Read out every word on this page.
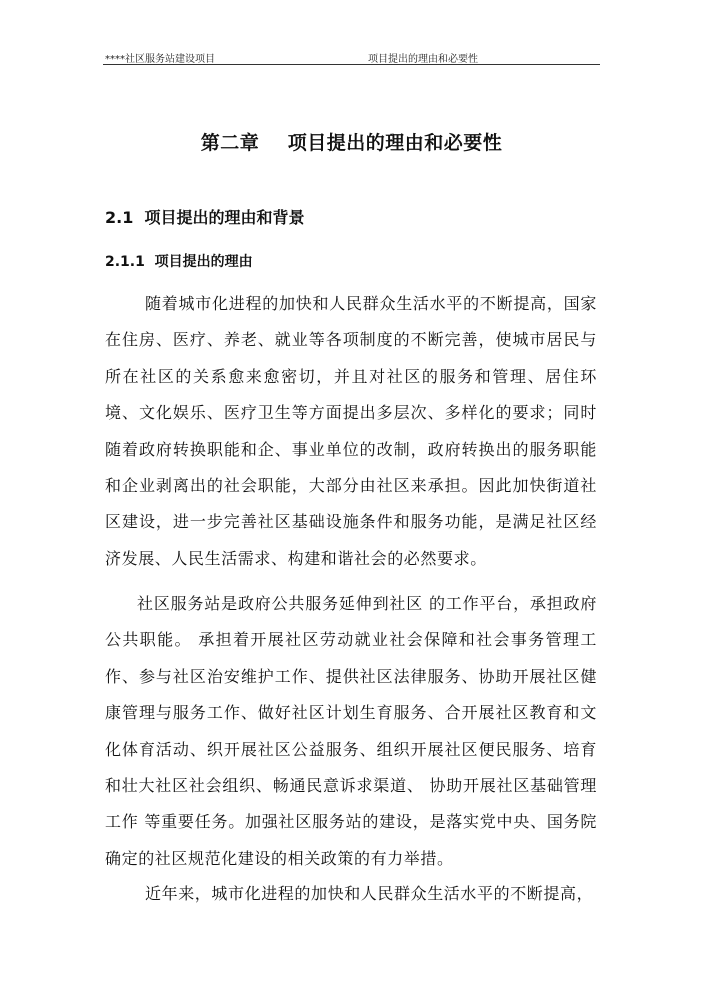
****社区服务站建设项目	项目提出的理由和必要性
第二章    项目提出的理由和必要性
2.1  项目提出的理由和背景
2.1.1  项目提出的理由
随着城市化进程的加快和人民群众生活水平的不断提高，国家在住房、医疗、养老、就业等各项制度的不断完善，使城市居民与所在社区的关系愈来愈密切，并且对社区的服务和管理、居住环境、文化娱乐、医疗卫生等方面提出多层次、多样化的要求；同时随着政府转换职能和企、事业单位的改制，政府转换出的服务职能和企业剥离出的社会职能，大部分由社区来承担。因此加快街道社区建设，进一步完善社区基础设施条件和服务功能，是满足社区经济发展、人民生活需求、构建和谐社会的必然要求。
社区服务站是政府公共服务延伸到社区 的工作平台，承担政府公共职能。 承担着开展社区劳动就业社会保障和社会事务管理工作、参与社区治安维护工作、提供社区法律服务、协助开展社区健康管理与服务工作、做好社区计划生育服务、合开展社区教育和文化体育活动、织开展社区公益服务、组织开展社区便民服务、培育和壮大社区社会组织、畅通民意诉求渠道、 协助开展社区基础管理工作 等重要任务。加强社区服务站的建设，是落实党中央、国务院确定的社区规范化建设的相关政策的有力举措。
近年来，城市化进程的加快和人民群众生活水平的不断提高，
